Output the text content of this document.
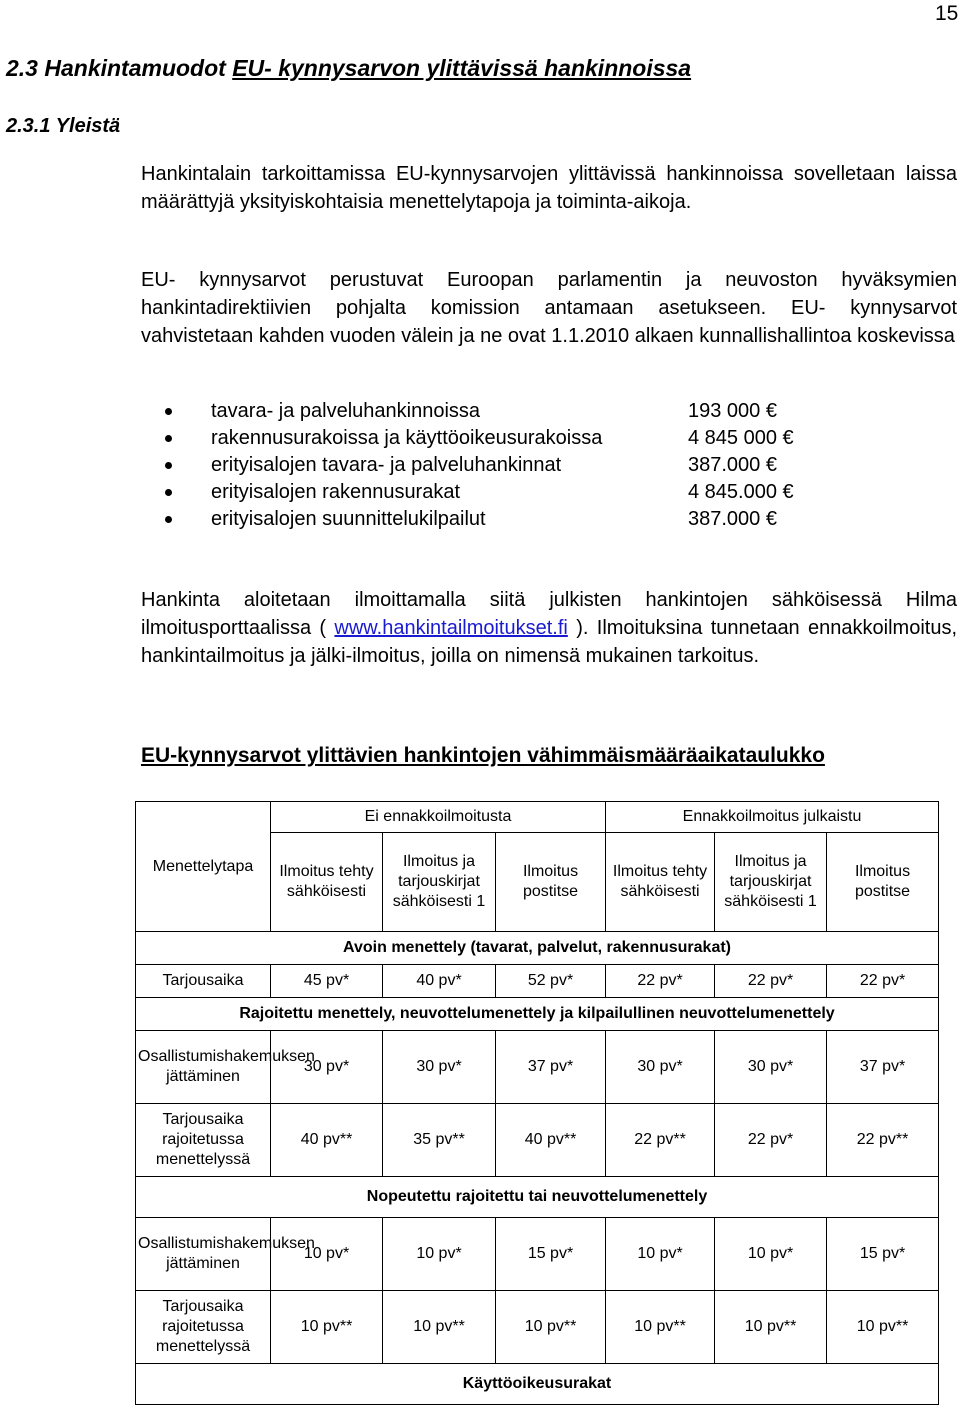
15
2.3 Hankintamuodot EU- kynnysarvon ylittävissä hankinnoissa
2.3.1 Yleistä

Hankintalain tarkoittamissa EU-kynnysarvojen ylittävissä hankinnoissa sovelletaan laissa määrättyjä yksityiskohtaisia menettelytapoja ja toiminta-aikoja.

EU- kynnysarvot perustuvat Euroopan parlamentin ja neuvoston hyväksymien hankintadirektiivien pohjalta komission antamaan asetukseen. EU- kynnysarvot vahvistetaan kahden vuoden välein ja ne ovat 1.1.2010 alkaen kunnallishallintoa koskevissa

tavara- ja palveluhankinnoissa	193 000 €
rakennusurakoissa ja käyttöoikeusurakoissa	4 845 000 €
erityisalojen tavara- ja palveluhankinnat	387.000 €
erityisalojen rakennusurakat	4 845.000 €
erityisalojen suunnittelukilpailut	387.000 €

Hankinta aloitetaan ilmoittamalla siitä julkisten hankintojen sähköisessä Hilma ilmoitusporttaalissa ( www.hankintailmoitukset.fi ). Ilmoituksina tunnetaan ennakkoilmoitus, hankintailmoitus ja jälki-ilmoitus, joilla on nimensä mukainen tarkoitus.

EU-kynnysarvot ylittävien hankintojen vähimmäismääräaikataulukko
Menettelytapa	Ei ennakkoilmoitusta			Ennakkoilmoitus julkaistu		
	Ilmoitus tehty sähköisesti	Ilmoitus ja tarjouskirjat sähköisesti 1	Ilmoitus postitse	Ilmoitus tehty sähköisesti	Ilmoitus ja tarjouskirjat sähköisesti 1	Ilmoitus postitse
Avoin menettely (tavarat, palvelut, rakennusurakat)						
Tarjousaika	45 pv*	40 pv*	52 pv*	22 pv*	22 pv*	22 pv*
Rajoitettu menettely, neuvottelumenettely ja kilpailullinen neuvottelumenettely						
Osallistumishakemuksen jättäminen	30 pv*	30 pv*	37 pv*	30 pv*	30 pv*	37 pv*
Tarjousaika rajoitetussa menettelyssä	40 pv**	35 pv**	40 pv**	22 pv**	22 pv*	22 pv**
Nopeutettu rajoitettu tai neuvottelumenettely						
Osallistumishakemuksen jättäminen	10 pv*	10 pv*	15 pv*	10 pv*	10 pv*	15 pv*
Tarjousaika rajoitetussa menettelyssä	10 pv**	10 pv**	10 pv**	10 pv**	10 pv**	10 pv**
Käyttöoikeusurakat						
